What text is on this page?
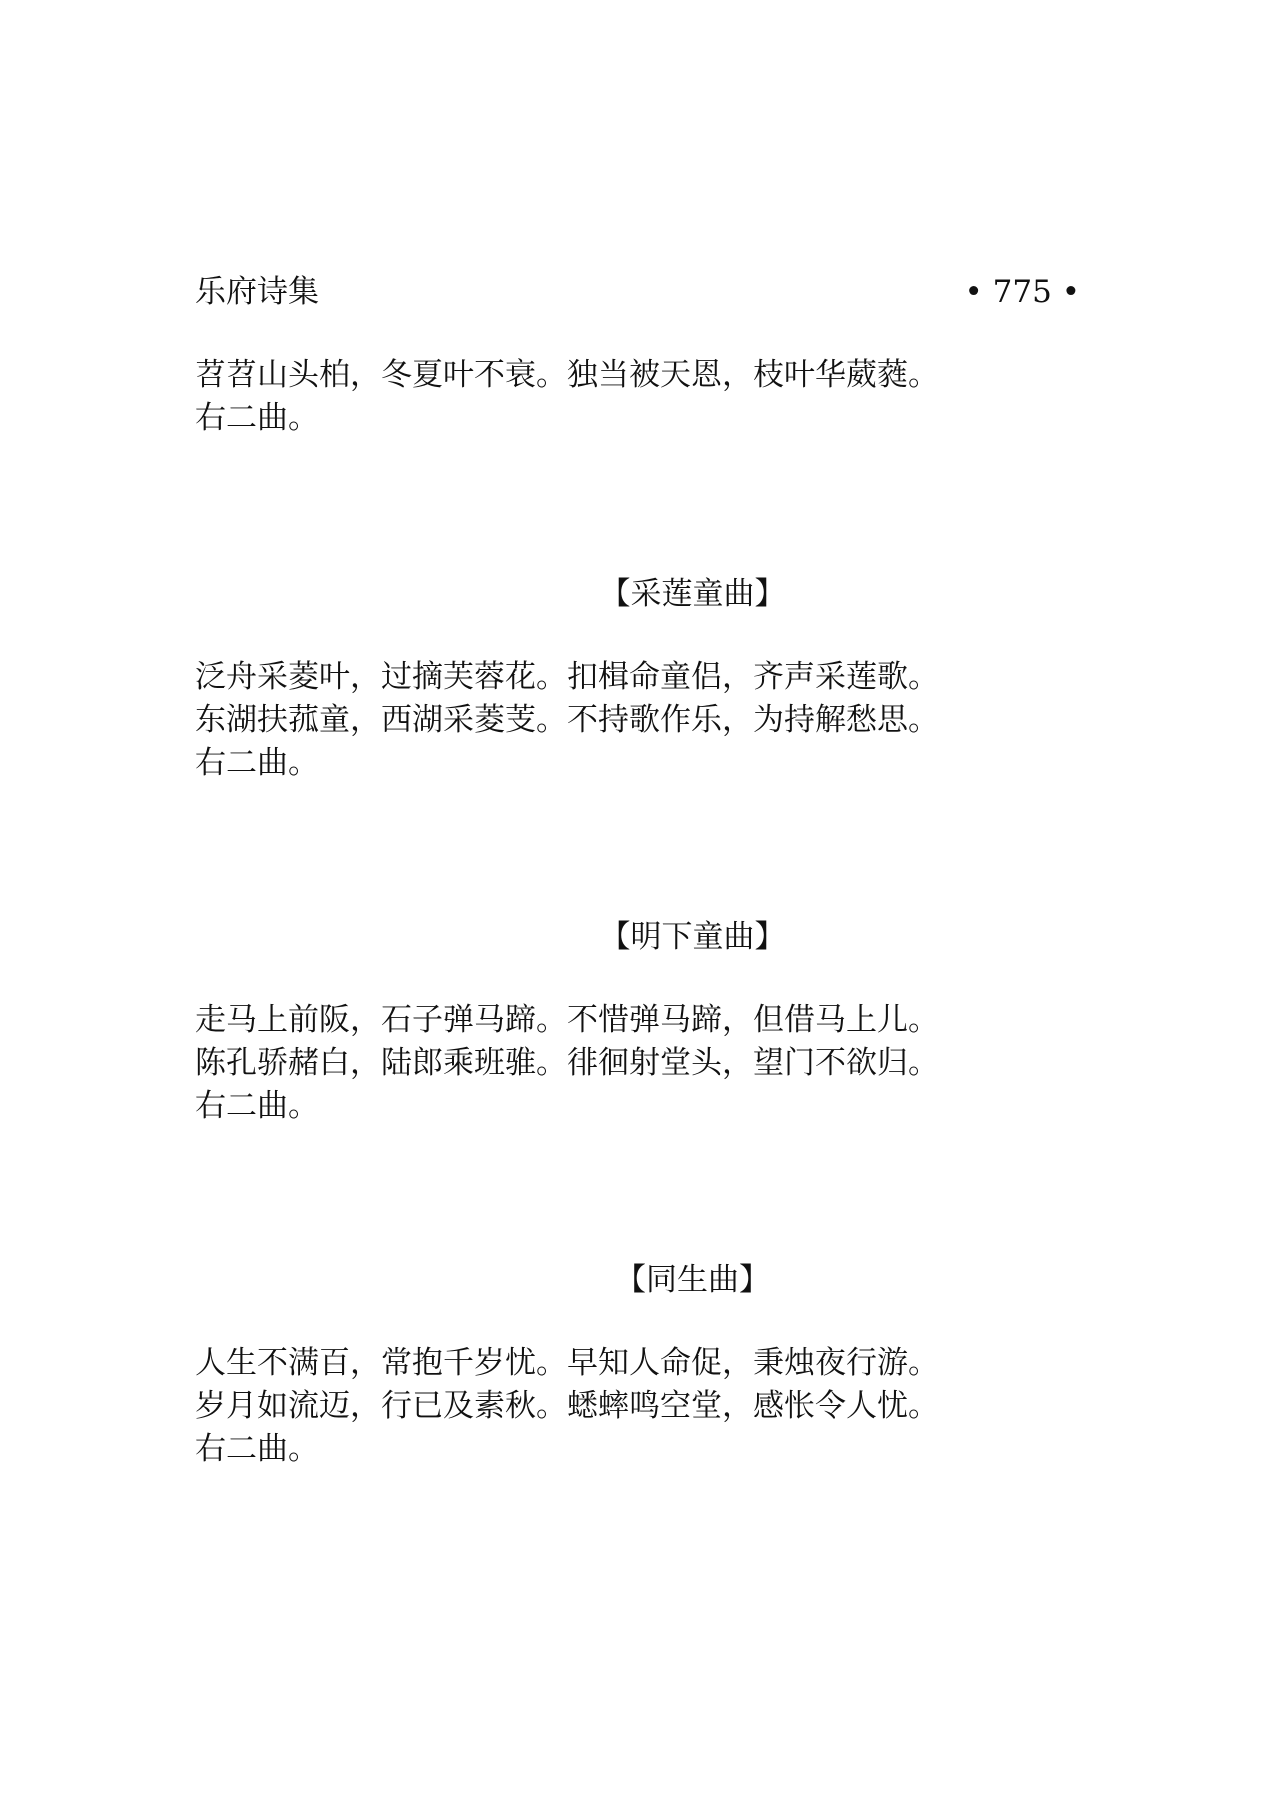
乐府诗集	• 775 •
苕苕山头柏，冬夏叶不衰。独当被天恩，枝叶华葳蕤。
右二曲。
【采莲童曲】
泛舟采菱叶，过摘芙蓉花。扣楫命童侣，齐声采莲歌。
东湖扶菰童，西湖采菱芰。不持歌作乐，为持解愁思。
右二曲。
【明下童曲】
走马上前阪，石子弹马蹄。不惜弹马蹄，但借马上儿。
陈孔骄赭白，陆郎乘班骓。徘徊射堂头，望门不欲归。
右二曲。
【同生曲】
人生不满百，常抱千岁忧。早知人命促，秉烛夜行游。
岁月如流迈，行已及素秋。蟋蟀鸣空堂，感怅令人忧。
右二曲。
